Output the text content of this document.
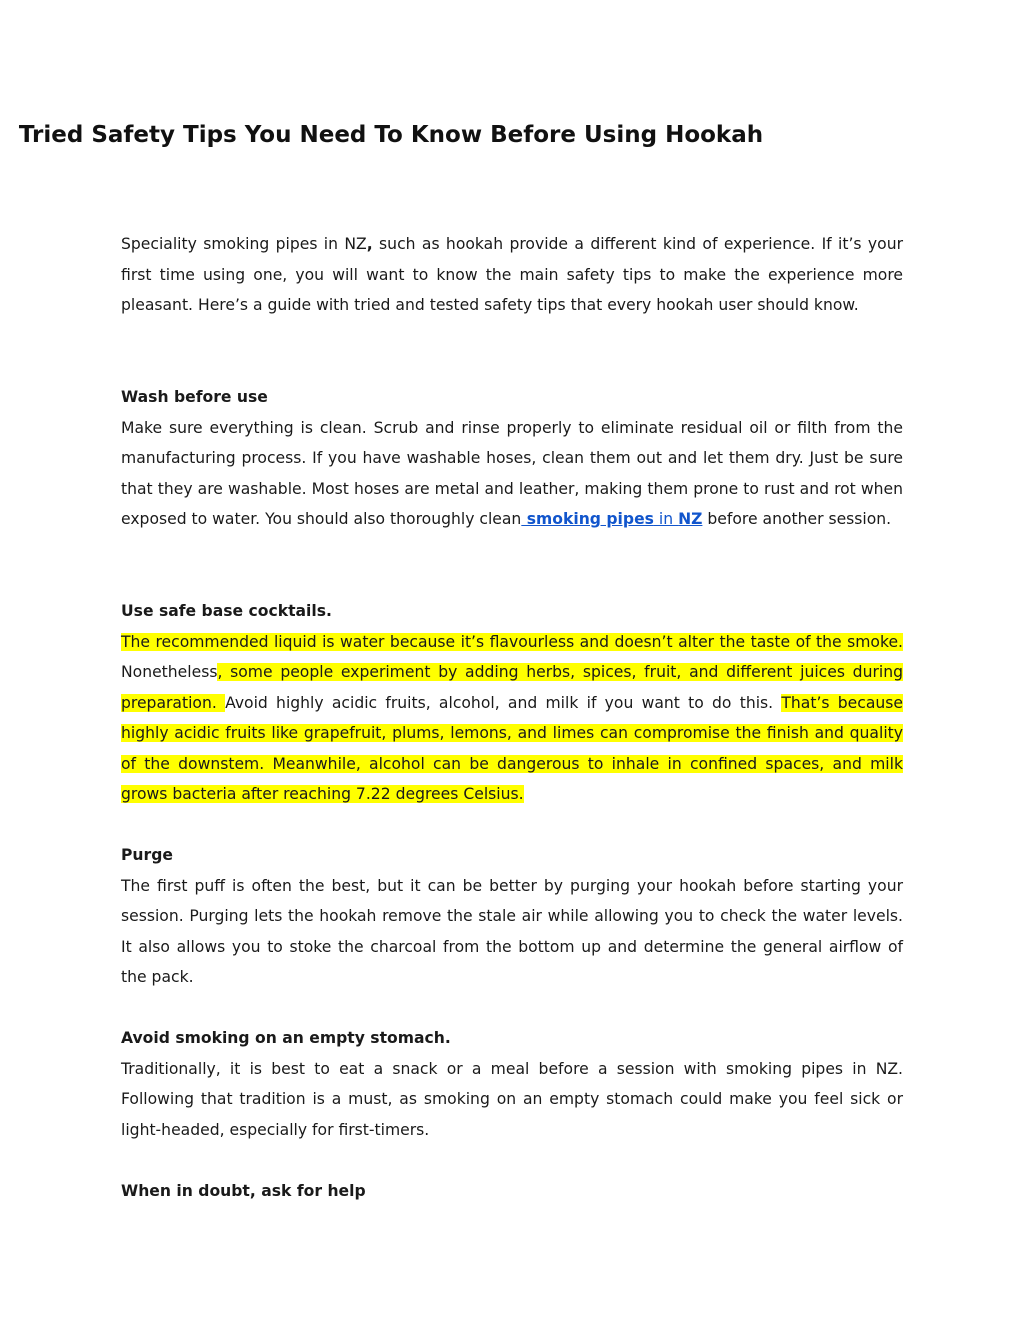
Tried Safety Tips You Need To Know Before Using Hookah

Speciality smoking pipes in NZ, such as hookah provide a different kind of experience. If it’s your first time using one, you will want to know the main safety tips to make the experience more pleasant. Here’s a guide with tried and tested safety tips that every hookah user should know.

Wash before use
Make sure everything is clean. Scrub and rinse properly to eliminate residual oil or filth from the manufacturing process. If you have washable hoses, clean them out and let them dry. Just be sure that they are washable. Most hoses are metal and leather, making them prone to rust and rot when exposed to water. You should also thoroughly clean smoking pipes in NZ before another session.
Use safe base cocktails.
The recommended liquid is water because it’s flavourless and doesn’t alter the taste of the smoke. Nonetheless, some people experiment by adding herbs, spices, fruit, and different juices during preparation. Avoid highly acidic fruits, alcohol, and milk if you want to do this. That’s because highly acidic fruits like grapefruit, plums, lemons, and limes can compromise the finish and quality of the downstem. Meanwhile, alcohol can be dangerous to inhale in confined spaces, and milk grows bacteria after reaching 7.22 degrees Celsius.
Purge
The first puff is often the best, but it can be better by purging your hookah before starting your session. Purging lets the hookah remove the stale air while allowing you to check the water levels. It also allows you to stoke the charcoal from the bottom up and determine the general airflow of the pack.
Avoid smoking on an empty stomach.
Traditionally, it is best to eat a snack or a meal before a session with smoking pipes in NZ. Following that tradition is a must, as smoking on an empty stomach could make you feel sick or light-headed, especially for first-timers.
When in doubt, ask for help
